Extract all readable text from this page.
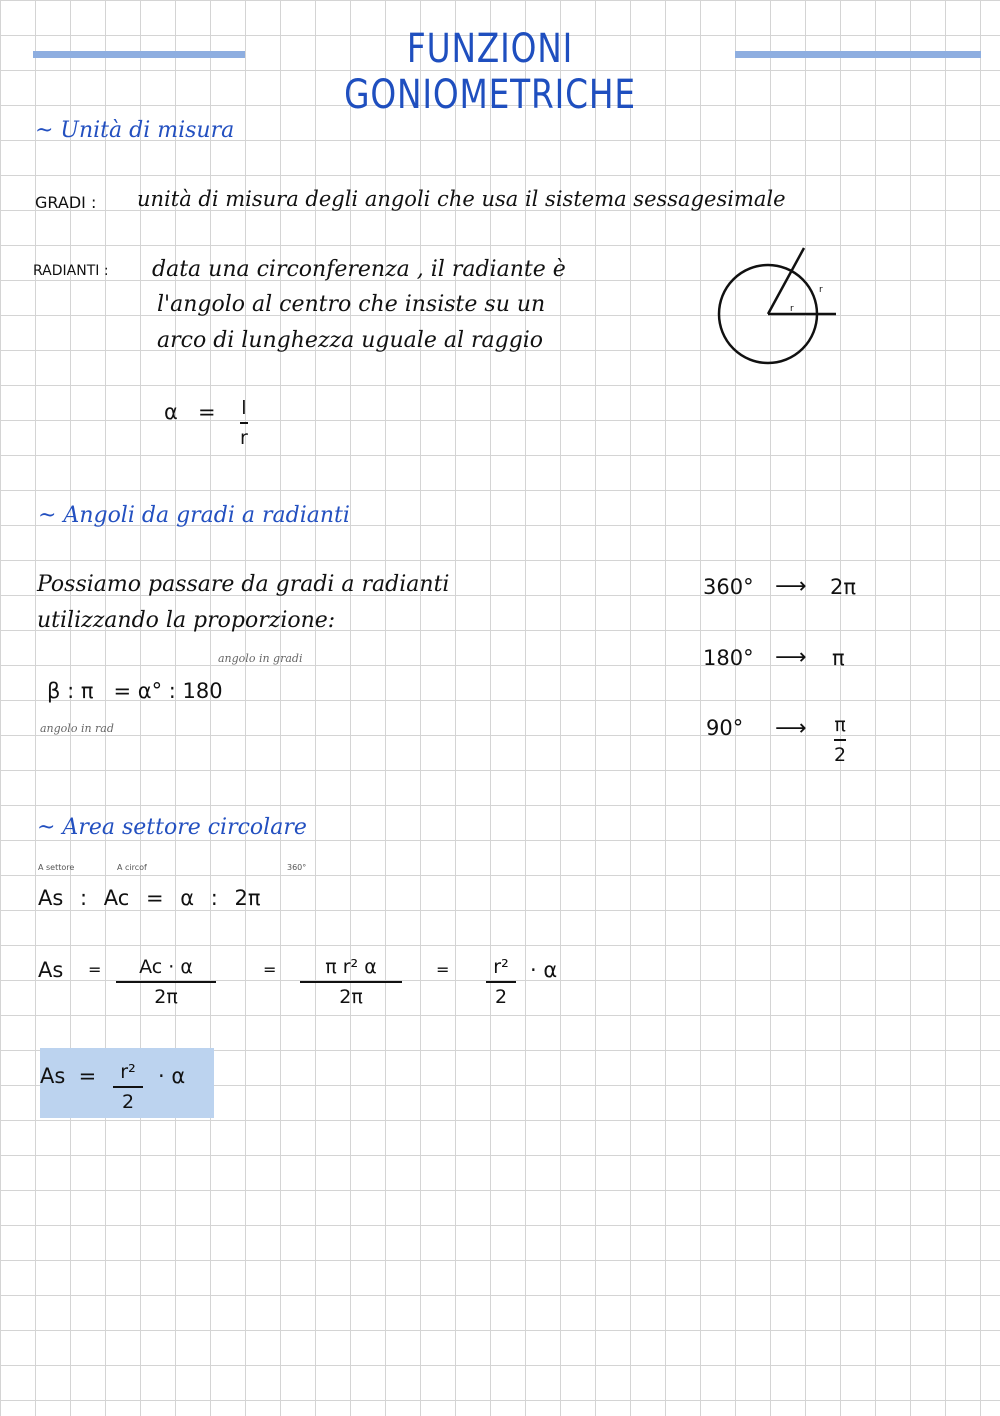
FUNZIONI GONIOMETRICHE
~ Unità di misura
GRADI : unità di misura degli angoli che usa il sistema sessagesimale
RADIANTI : data una circonferenza , il radiante è
l'angolo al centro che insiste su un
arco di lunghezza uguale al raggio
α = l
r
r
r
~ Angoli da gradi a radianti
Possiamo passare da gradi a radianti
utilizzando la proporzione:
angolo in gradi
β : π   = α° : 180
angolo in rad
360° ⟶ 2π
180° ⟶ π
90° ⟶ π
2
~ Area settore circolare
A settore	A circof	360°
As : Ac = α : 2π
As = Ac · α
2π
=	π r² α
2π
= r²
2
· α
As  = r²
2
· α
